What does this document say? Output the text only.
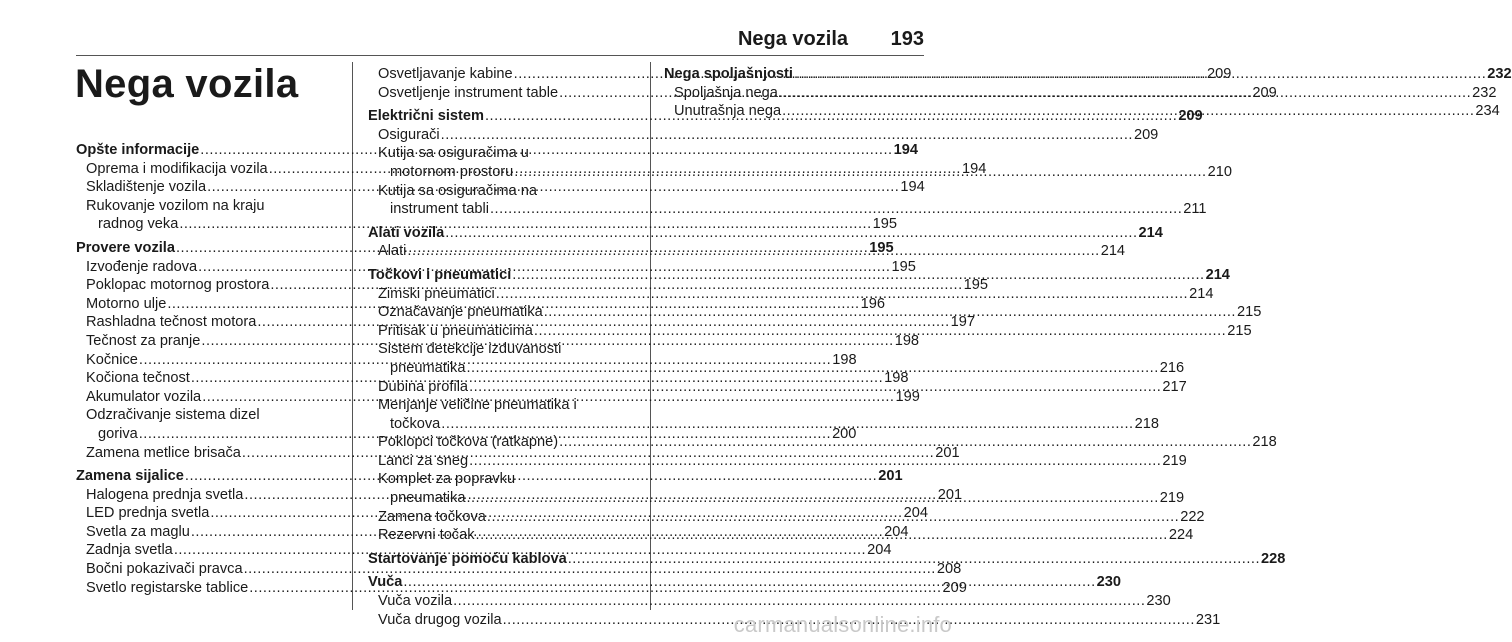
Nega vozila 193
Nega vozila
Opšte informacije .....	194
Oprema i modifikacija vozila .....	194
Skladištenje vozila .....	194
Rukovanje vozilom na kraju
radnog veka .....	195
Provere vozila .....	195
Izvođenje radova .....	195
Poklopac motornog prostora .....	195
Motorno ulje .....	196
Rashladna tečnost motora .....	197
Tečnost za pranje .....	198
Kočnice .....	198
Kočiona tečnost .....	198
Akumulator vozila .....	199
Odzračivanje sistema dizel
goriva .....	200
Zamena metlice brisača .....	201
Zamena sijalice .....	201
Halogena prednja svetla .....	201
LED prednja svetla .....	204
Svetla za maglu .....	204
Zadnja svetla .....	204
Bočni pokazivači pravca .....	208
Svetlo registarske tablice .....	209
Osvetljavanje kabine .....	209
Osvetljenje instrument table .....	209
Električni sistem .....	209
Osigurači .....	209
Kutija sa osiguračima u
motornom prostoru .....	210
Kutija sa osiguračima na
instrument tabli .....	211
Alati vozila .....	214
Alati .....	214
Točkovi i pneumatici .....	214
Zimski pneumatici .....	214
Označavanje pneumatika .....	215
Pritisak u pneumaticima .....	215
Sistem detekcije izduvanosti
pneumatika .....	216
Dubina profila .....	217
Menjanje veličine pneumatika i
točkova .....	218
Poklopci točkova (ratkapne) .....	218
Lanci za sneg .....	219
Komplet za popravku
pneumatika .....	219
Zamena točkova .....	222
Rezervni točak .....	224
Startovanje pomoću kablova .....	228
Vuča .....	230
Vuča vozila .....	230
Vuča drugog vozila .....	231
Nega spoljašnjosti .....	232
Spoljašnja nega .....	232
Unutrašnja nega .....	234
carmanualsonline.info
